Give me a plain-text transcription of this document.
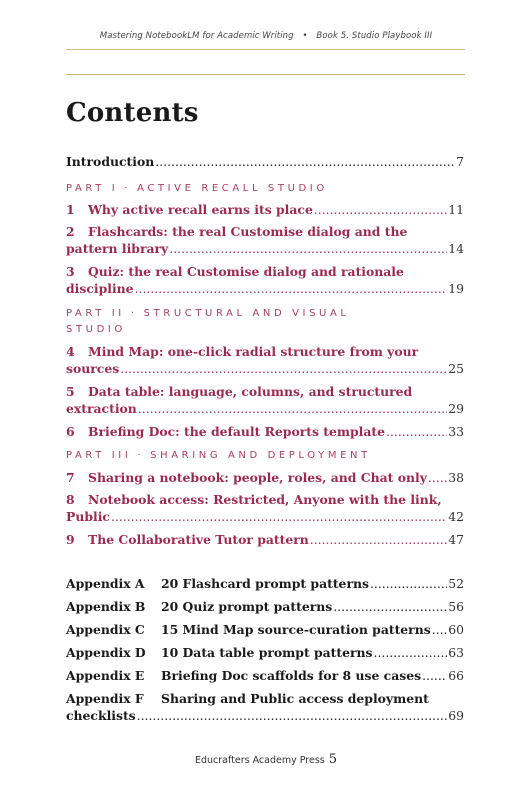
Mastering NotebookLM for Academic Writing • Book 5. Studio Playbook III
Contents
Introduction .....	7
PART I · ACTIVE RECALL STUDIO
1 Why active recall earns its place .....	11
2 Flashcards: the real Customise dialog and the
pattern library .....	14
3 Quiz: the real Customise dialog and rationale
discipline .....	19
PART II · STRUCTURAL AND VISUAL
STUDIO
4 Mind Map: one-click radial structure from your
sources .....	25
5 Data table: language, columns, and structured
extraction .....	29
6 Briefing Doc: the default Reports template .....	33
PART III · SHARING AND DEPLOYMENT
7 Sharing a notebook: people, roles, and Chat only ..... 38
8 Notebook access: Restricted, Anyone with the link,
Public .....	42
9 The Collaborative Tutor pattern .....	47
Appendix A 20 Flashcard prompt patterns .....	52
Appendix B 20 Quiz prompt patterns .....	56
Appendix C 15 Mind Map source-curation patterns ..... 60
Appendix D 10 Data table prompt patterns .....	63
Appendix E Briefing Doc scaffolds for 8 use cases ..... 66
Appendix F Sharing and Public access deployment
checklists .....	69
Educrafters Academy Press 5
